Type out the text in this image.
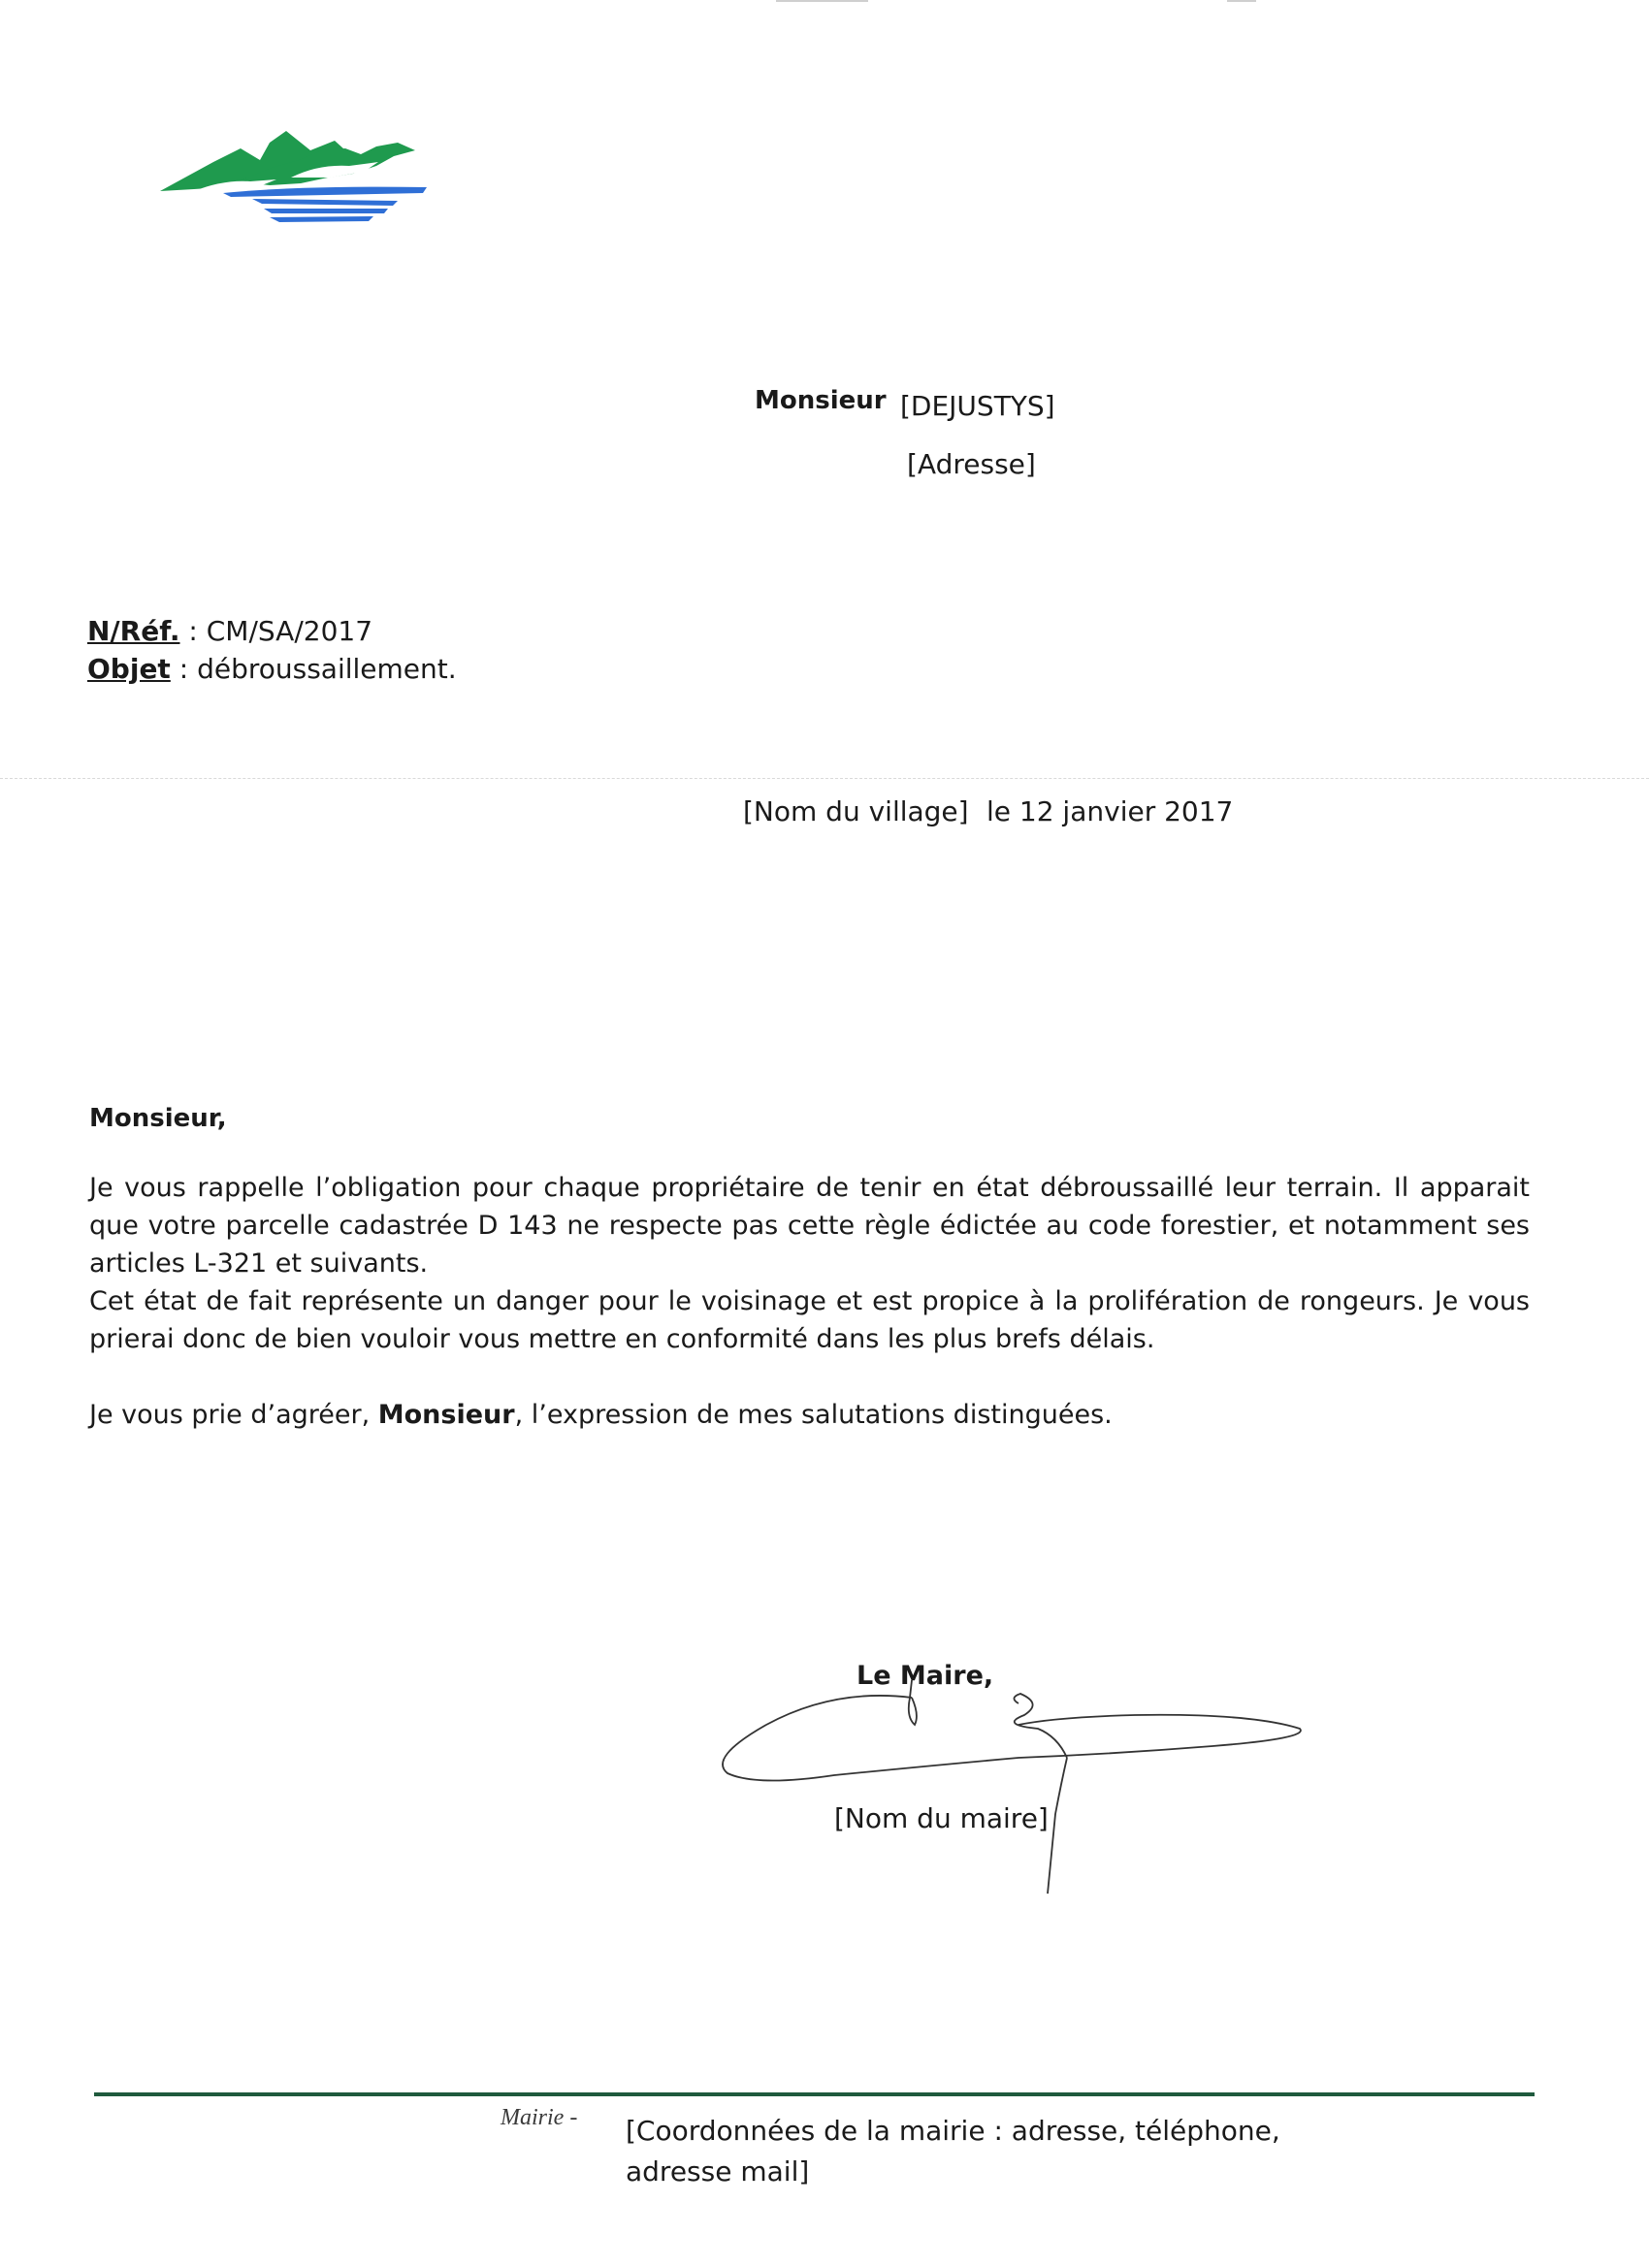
Monsieur [DEJUSTYS]
[Adresse]
N/Réf. : CM/SA/2017
Objet : débroussaillement.
[Nom du village] le 12 janvier 2017
Monsieur,

Je vous rappelle l’obligation pour chaque propriétaire de tenir en état débroussaillé leur terrain. Il apparait que votre parcelle cadastrée D 143 ne respecte pas cette règle édictée au code forestier, et notamment ses articles L-321 et suivants.

Cet état de fait représente un danger pour le voisinage et est propice à la prolifération de rongeurs. Je vous prierai donc de bien vouloir vous mettre en conformité dans les plus brefs délais.

Je vous prie d’agréer, Monsieur, l’expression de mes salutations distinguées.
Le Maire,
[Nom du maire]
Mairie - [Coordonnées de la mairie : adresse, téléphone,
adresse mail]
